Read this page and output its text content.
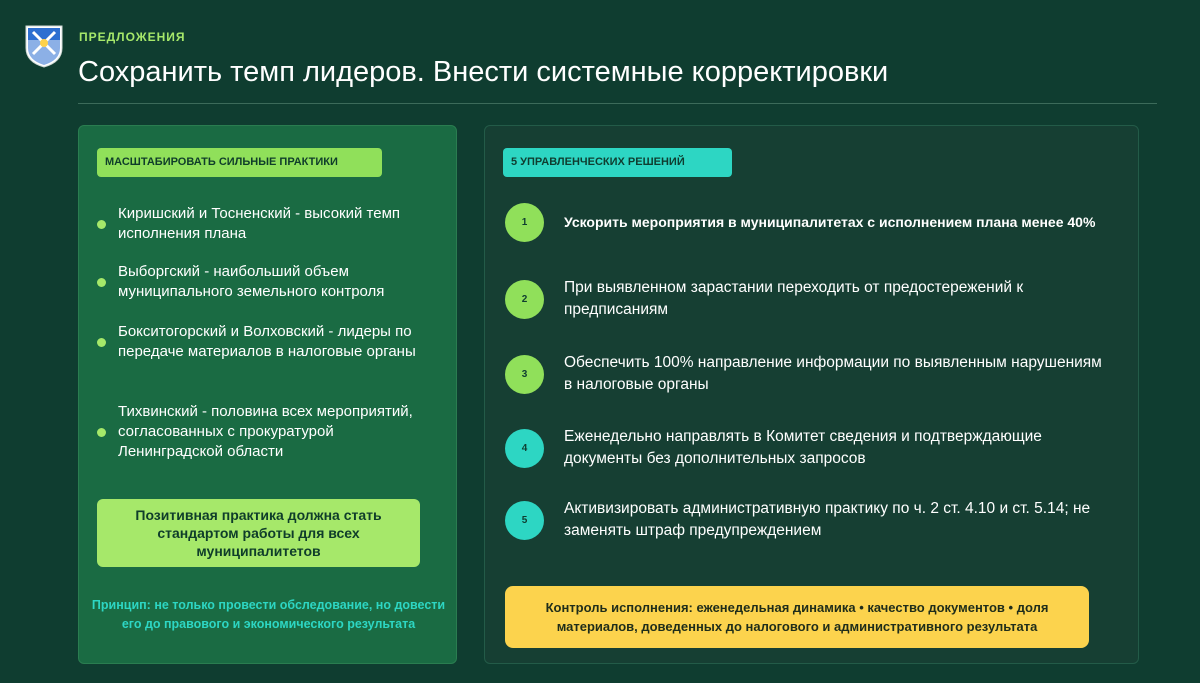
ПРЕДЛОЖЕНИЯ
Сохранить темп лидеров. Внести системные корректировки
МАСШТАБИРОВАТЬ СИЛЬНЫЕ ПРАКТИКИ
Киришский и Тосненский - высокий темп исполнения плана
Выборгский - наибольший объем муниципального земельного контроля
Бокситогорский и Волховский - лидеры по передаче материалов в налоговые органы
Тихвинский - половина всех мероприятий, согласованных с прокуратурой Ленинградской области
Позитивная практика должна стать стандартом работы для всех муниципалитетов
Принцип: не только провести обследование, но довести его до правового и экономического результата
5 УПРАВЛЕНЧЕСКИХ РЕШЕНИЙ
1	Ускорить мероприятия в муниципалитетах с исполнением плана менее 40%
2
При выявленном зарастании переходить от предостережений к предписаниям
3
Обеспечить 100% направление информации по выявленным нарушениям в налоговые органы
4
Еженедельно направлять в Комитет сведения и подтверждающие документы без дополнительных запросов
5
Активизировать административную практику по ч. 2 ст. 4.10 и ст. 5.14; не заменять штраф предупреждением
Контроль исполнения: еженедельная динамика • качество документов • доля материалов, доведенных до налогового и административного результата
